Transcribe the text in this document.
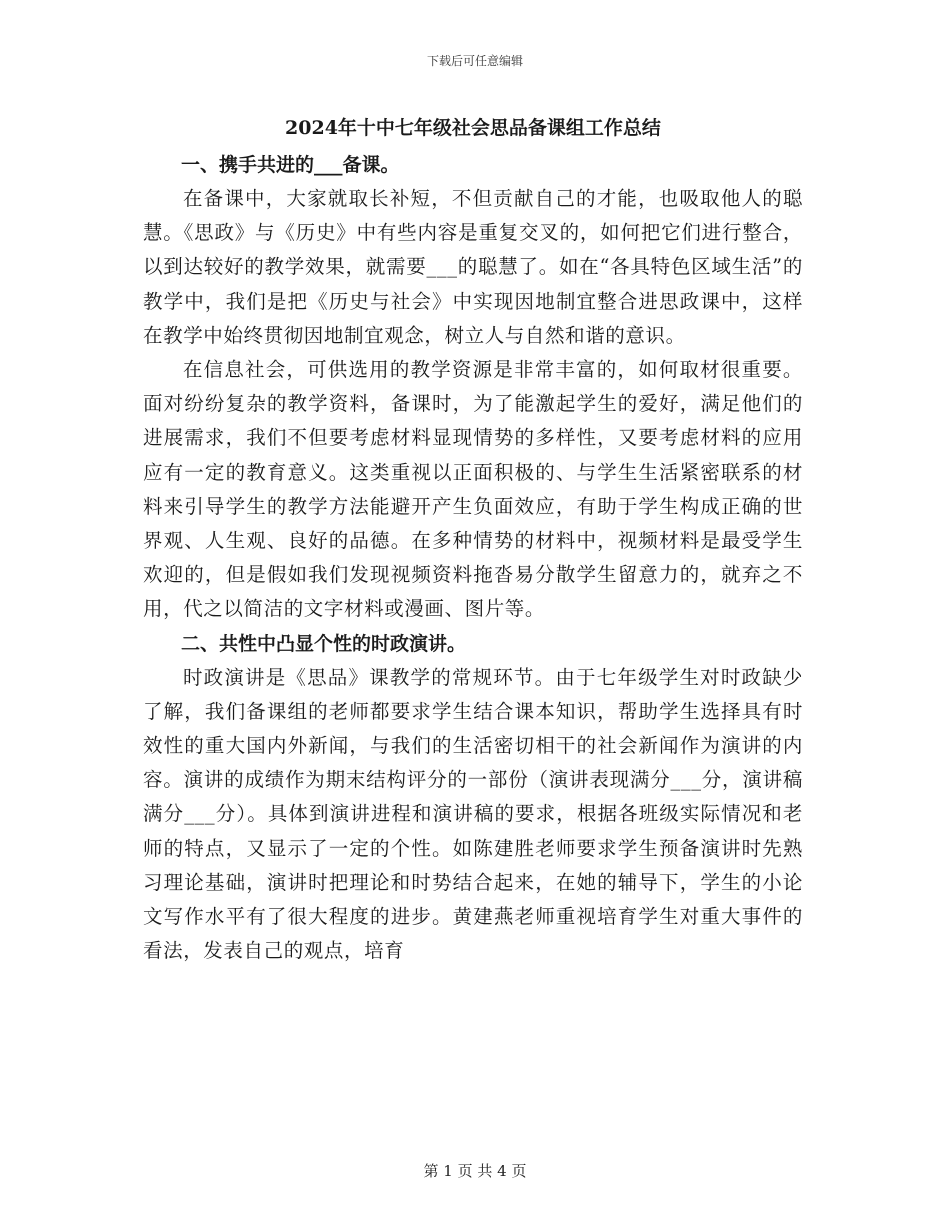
下载后可任意编辑
2024年十中七年级社会思品备课组工作总结
一、携手共进的___备课。

在备课中，大家就取长补短，不但贡献自己的才能，也吸取他人的聪慧。《思政》与《历史》中有些内容是重复交叉的，如何把它们进行整合，以到达较好的教学效果，就需要___的聪慧了。如在“各具特色区域生活”的教学中，我们是把《历史与社会》中实现因地制宜整合进思政课中，这样在教学中始终贯彻因地制宜观念，树立人与自然和谐的意识。

在信息社会，可供选用的教学资源是非常丰富的，如何取材很重要。面对纷纷复杂的教学资料，备课时，为了能激起学生的爱好，满足他们的进展需求，我们不但要考虑材料显现情势的多样性，又要考虑材料的应用应有一定的教育意义。这类重视以正面积极的、与学生生活紧密联系的材料来引导学生的教学方法能避开产生负面效应，有助于学生构成正确的世界观、人生观、良好的品德。在多种情势的材料中，视频材料是最受学生欢迎的，但是假如我们发现视频资料拖沓易分散学生留意力的，就弃之不用，代之以简洁的文字材料或漫画、图片等。

二、共性中凸显个性的时政演讲。

时政演讲是《思品》课教学的常规环节。由于七年级学生对时政缺少了解，我们备课组的老师都要求学生结合课本知识，帮助学生选择具有时效性的重大国内外新闻，与我们的生活密切相干的社会新闻作为演讲的内容。演讲的成绩作为期末结构评分的一部份（演讲表现满分___分，演讲稿满分___分）。具体到演讲进程和演讲稿的要求，根据各班级实际情况和老师的特点，又显示了一定的个性。如陈建胜老师要求学生预备演讲时先熟习理论基础，演讲时把理论和时势结合起来，在她的辅导下，学生的小论文写作水平有了很大程度的进步。黄建燕老师重视培育学生对重大事件的看法，发表自己的观点，培育

第 1 页 共 4 页
